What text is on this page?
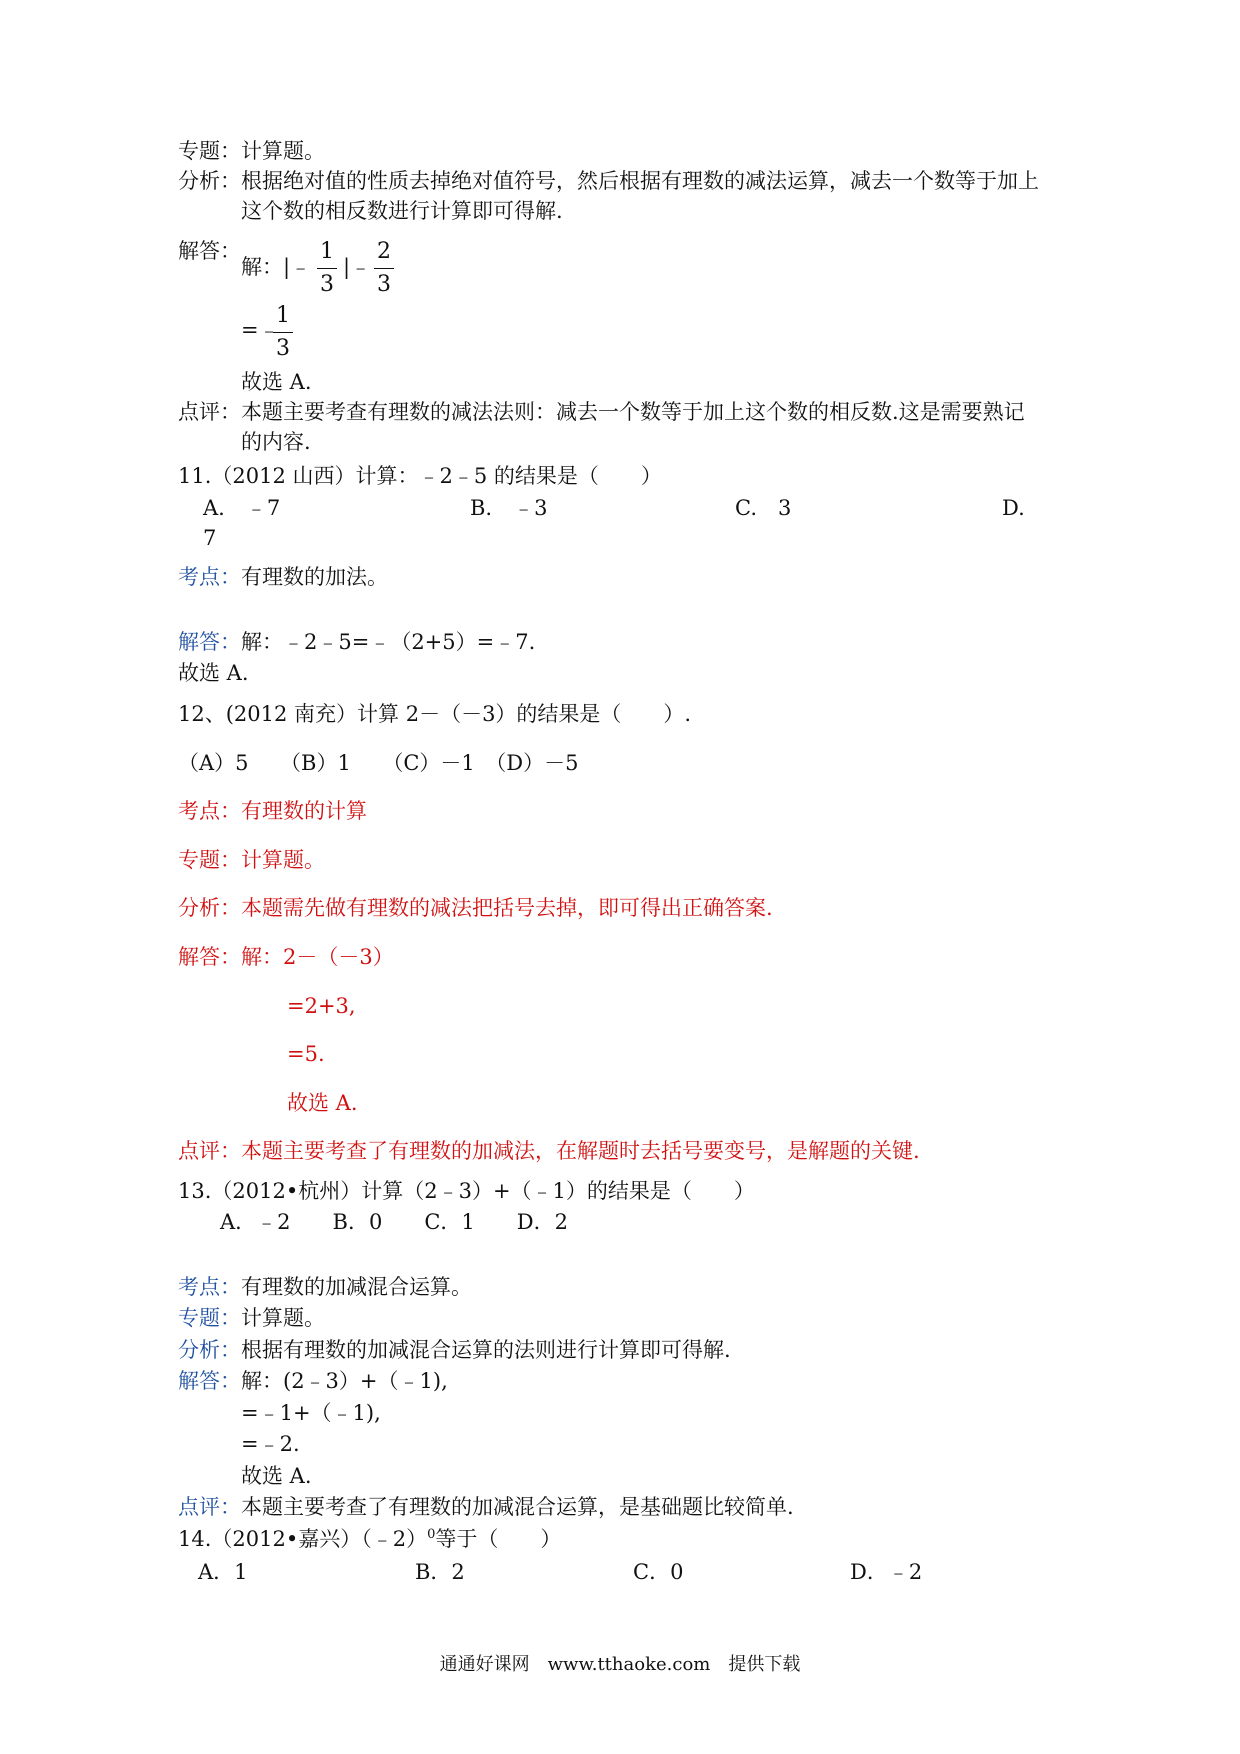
专题：计算题。
分析：根据绝对值的性质去掉绝对值符号，然后根据有理数的减法运算，减去一个数等于加上
这个数的相反数进行计算即可得解.
解答：
解：|﹣
1
3
|﹣
2
3
=﹣
1
3
故选 A.
点评：本题主要考查有理数的减法法则：减去一个数等于加上这个数的相反数.这是需要熟记
的内容.
11.（2012 山西）计算：﹣2﹣5 的结果是（　　）
A.　﹣7	B.　﹣3	C.　3	D.
7
考点：有理数的加法。
解答：解：﹣2﹣5=﹣（2+5）=﹣7.
故选 A.
12、(2012 南充）计算 2－（－3）的结果是（　　）.
（A）5　　（B）1　　（C）－1　（D）－5
考点：有理数的计算
专题：计算题。
分析：本题需先做有理数的减法把括号去掉，即可得出正确答案.
解答：解：2－（－3）
=2+3,
=5.
故选 A.
点评：本题主要考查了有理数的加减法，在解题时去括号要变号，是解题的关键.
13.（2012•杭州）计算（2﹣3）+（﹣1）的结果是（　　）
A．﹣2　　B．0　　C．1　　D．2
考点：有理数的加减混合运算。
专题：计算题。
分析：根据有理数的加减混合运算的法则进行计算即可得解.
解答：解：(2﹣3）+（﹣1),
=﹣1+（﹣1),
=﹣2.
故选 A.
点评：本题主要考查了有理数的加减混合运算，是基础题比较简单.
14.（2012•嘉兴）（﹣2）$^0$等于（　　）
A．1	B．2	C．0	D．﹣2
通通好课网　www.tthaoke.com　提供下载
